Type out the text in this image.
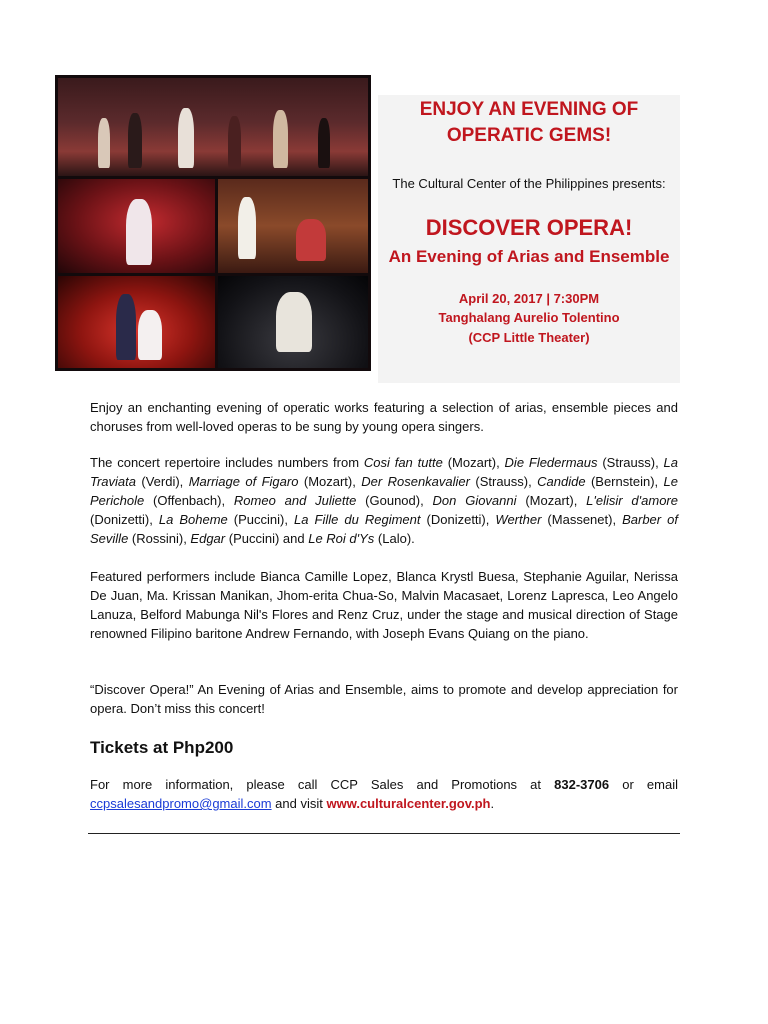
ENJOY AN EVENING OF

OPERATIC GEMS!

The Cultural Center of the Philippines presents:

DISCOVER OPERA!

An Evening of Arias and Ensemble

April 20, 2017 | 7:30PM

Tanghalang Aurelio Tolentino

(CCP Little Theater)

Enjoy an enchanting evening of operatic works featuring a selection of arias, ensemble pieces and choruses from well-loved operas to be sung by young opera singers.

The concert repertoire includes numbers from Cosi fan tutte (Mozart), Die Fledermaus (Strauss), La Traviata (Verdi), Marriage of Figaro (Mozart), Der Rosenkavalier (Strauss), Candide (Bernstein), Le Perichole (Offenbach), Romeo and Juliette (Gounod), Don Giovanni (Mozart), L'elisir d'amore (Donizetti), La Boheme (Puccini), La Fille du Regiment (Donizetti), Werther (Massenet), Barber of Seville (Rossini), Edgar (Puccini) and Le Roi d'Ys (Lalo).

Featured performers include Bianca Camille Lopez, Blanca Krystl Buesa, Stephanie Aguilar, Nerissa De Juan, Ma. Krissan Manikan, Jhom-erita Chua-So, Malvin Macasaet, Lorenz Lapresca, Leo Angelo Lanuza, Belford Mabunga Nil's Flores and Renz Cruz, under the stage and musical direction of Stage renowned Filipino baritone Andrew Fernando, with Joseph Evans Quiang on the piano.

“Discover Opera!” An Evening of Arias and Ensemble, aims to promote and develop appreciation for opera. Don’t miss this concert!

Tickets at Php200

For more information, please call CCP Sales and Promotions at 832-3706 or email ccpsalesandpromo@gmail.com and visit www.culturalcenter.gov.ph.
